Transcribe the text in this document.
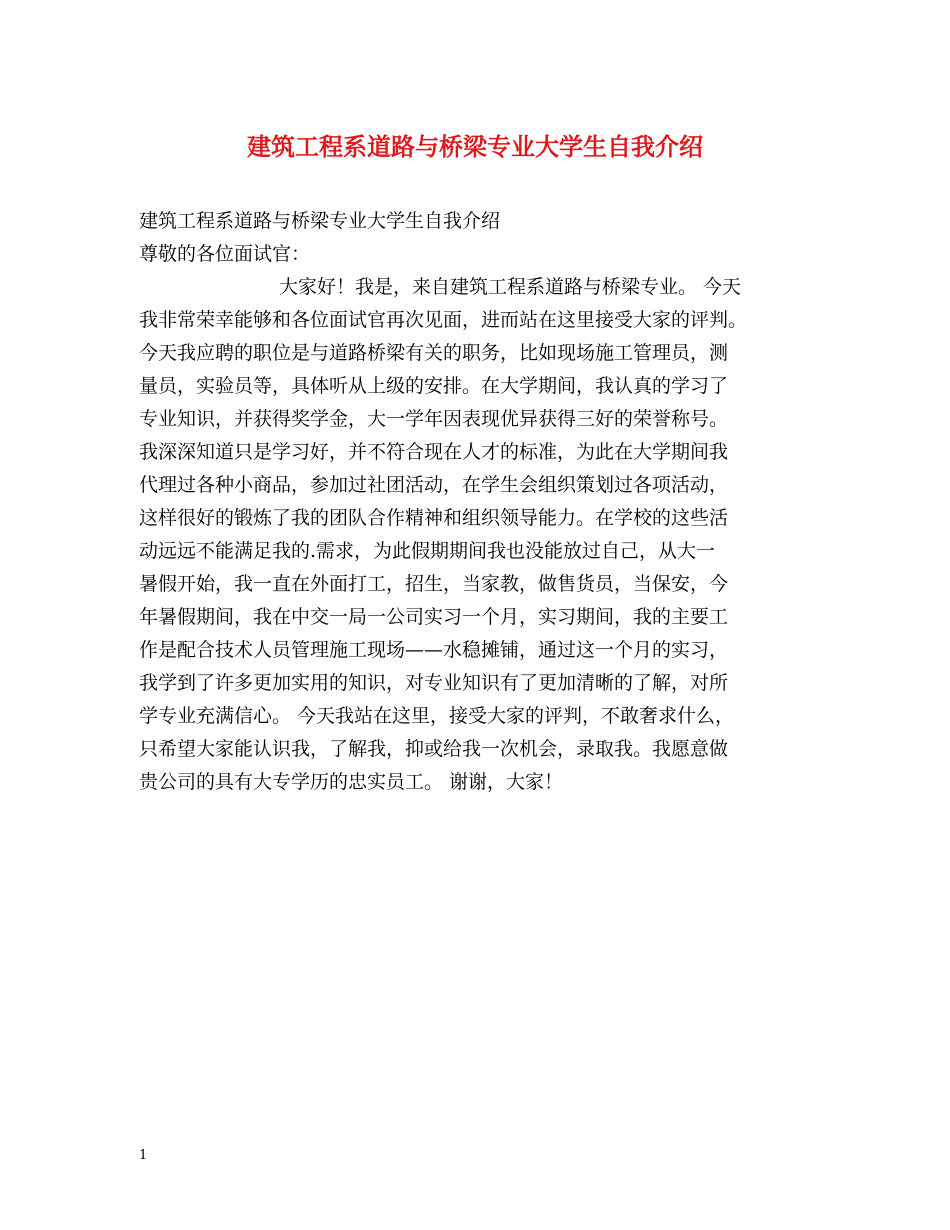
建筑工程系道路与桥梁专业大学生自我介绍
建筑工程系道路与桥梁专业大学生自我介绍
尊敬的各位面试官：
大家好！我是，来自建筑工程系道路与桥梁专业。 今天
我非常荣幸能够和各位面试官再次见面，进而站在这里接受大家的评判。
今天我应聘的职位是与道路桥梁有关的职务，比如现场施工管理员，测
量员，实验员等，具体听从上级的安排。在大学期间，我认真的学习了
专业知识，并获得奖学金，大一学年因表现优异获得三好的荣誉称号。
我深深知道只是学习好，并不符合现在人才的标准，为此在大学期间我
代理过各种小商品，参加过社团活动，在学生会组织策划过各项活动，
这样很好的锻炼了我的团队合作精神和组织领导能力。在学校的这些活
动远远不能满足我的.需求，为此假期期间我也没能放过自己，从大一
暑假开始，我一直在外面打工，招生，当家教，做售货员，当保安，今
年暑假期间，我在中交一局一公司实习一个月，实习期间，我的主要工
作是配合技术人员管理施工现场——水稳摊铺，通过这一个月的实习，
我学到了许多更加实用的知识，对专业知识有了更加清晰的了解，对所
学专业充满信心。 今天我站在这里，接受大家的评判，不敢奢求什么，
只希望大家能认识我，了解我，抑或给我一次机会，录取我。我愿意做
贵公司的具有大专学历的忠实员工。 谢谢，大家！
1
